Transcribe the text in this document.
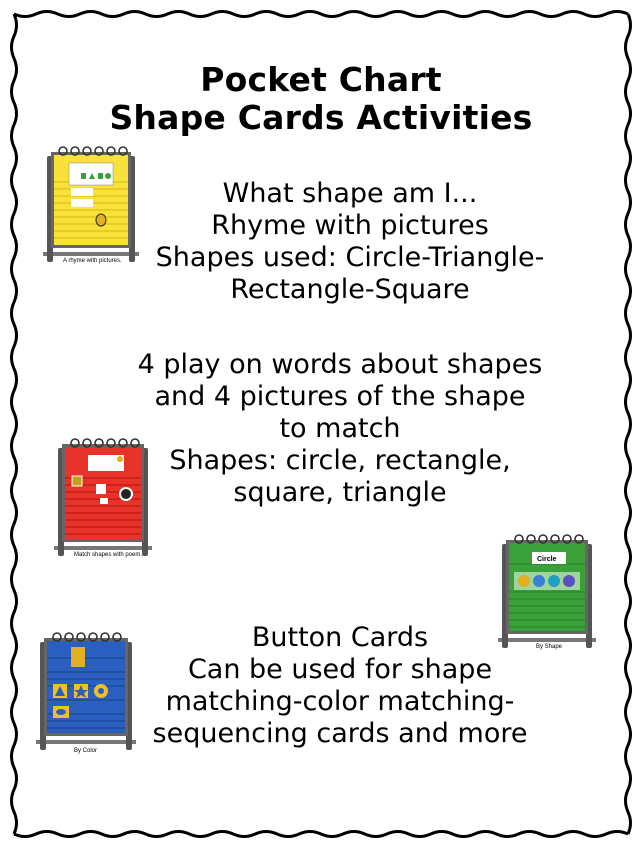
Pocket Chart
Shape Cards Activities
What shape am I...
Rhyme with pictures
Shapes used: Circle-Triangle-
Rectangle-Square
4 play on words about shapes
and 4 pictures of the shape
to match
Shapes: circle, rectangle,
square, triangle
Button Cards
Can be used for shape
matching-color matching-
sequencing cards and more
A rhyme with pictures.
Match shapes with poem.
Circle
By Shape
By Color
